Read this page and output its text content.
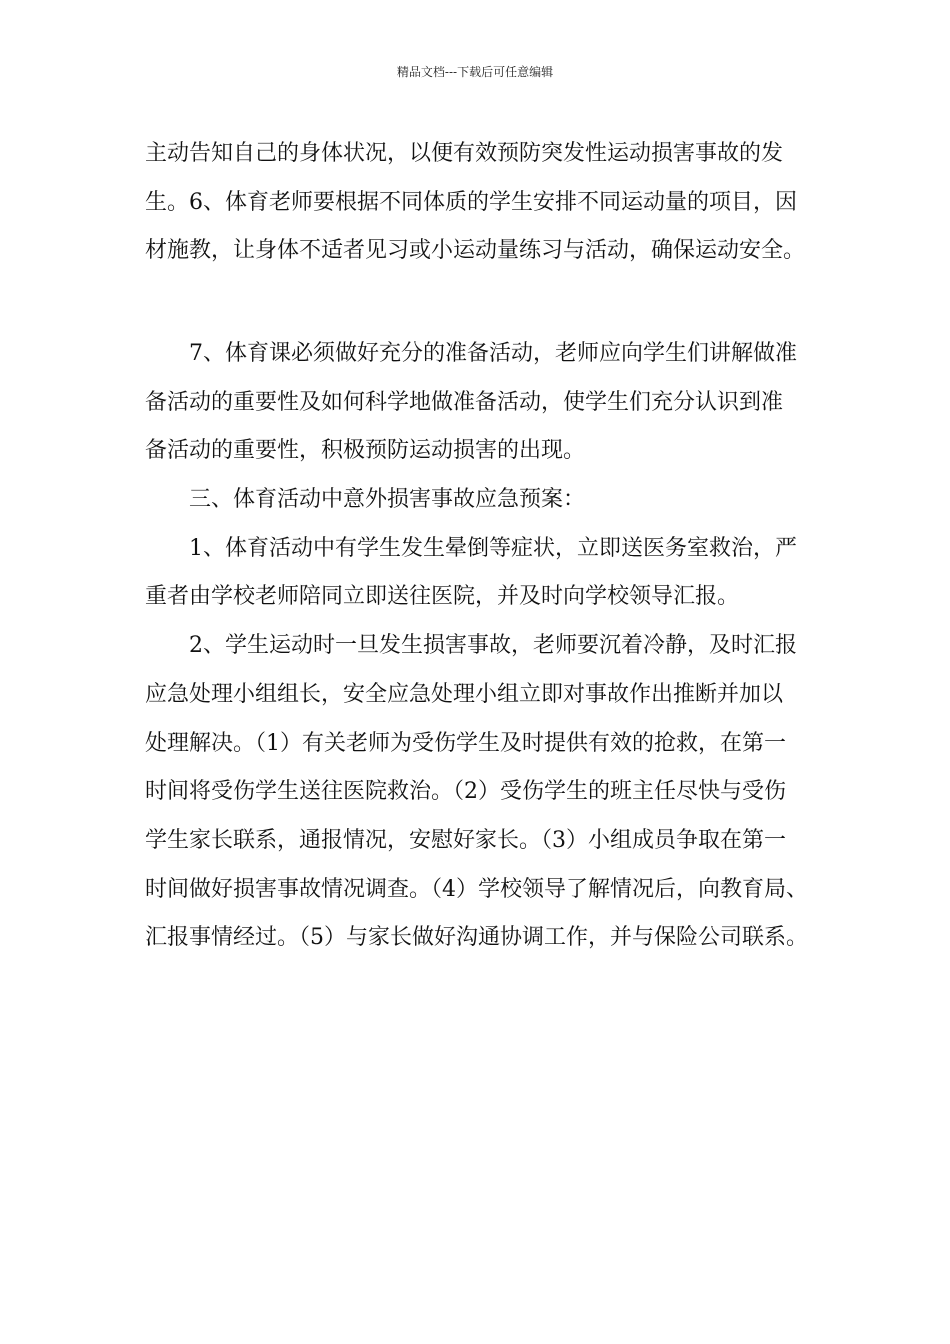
精品文档---下载后可任意编辑
主动告知自己的身体状况，以便有效预防突发性运动损害事故的发
生。6、体育老师要根据不同体质的学生安排不同运动量的项目，因
材施教，让身体不适者见习或小运动量练习与活动，确保运动安全。
7、体育课必须做好充分的准备活动，老师应向学生们讲解做准
备活动的重要性及如何科学地做准备活动，使学生们充分认识到准
备活动的重要性，积极预防运动损害的出现。
三、体育活动中意外损害事故应急预案：
1、体育活动中有学生发生晕倒等症状，立即送医务室救治，严
重者由学校老师陪同立即送往医院，并及时向学校领导汇报。
2、学生运动时一旦发生损害事故，老师要沉着冷静，及时汇报
应急处理小组组长，安全应急处理小组立即对事故作出推断并加以
处理解决。（1）有关老师为受伤学生及时提供有效的抢救，在第一
时间将受伤学生送往医院救治。（2）受伤学生的班主任尽快与受伤
学生家长联系，通报情况，安慰好家长。（3）小组成员争取在第一
时间做好损害事故情况调查。（4）学校领导了解情况后，向教育局、
汇报事情经过。（5）与家长做好沟通协调工作，并与保险公司联系。
